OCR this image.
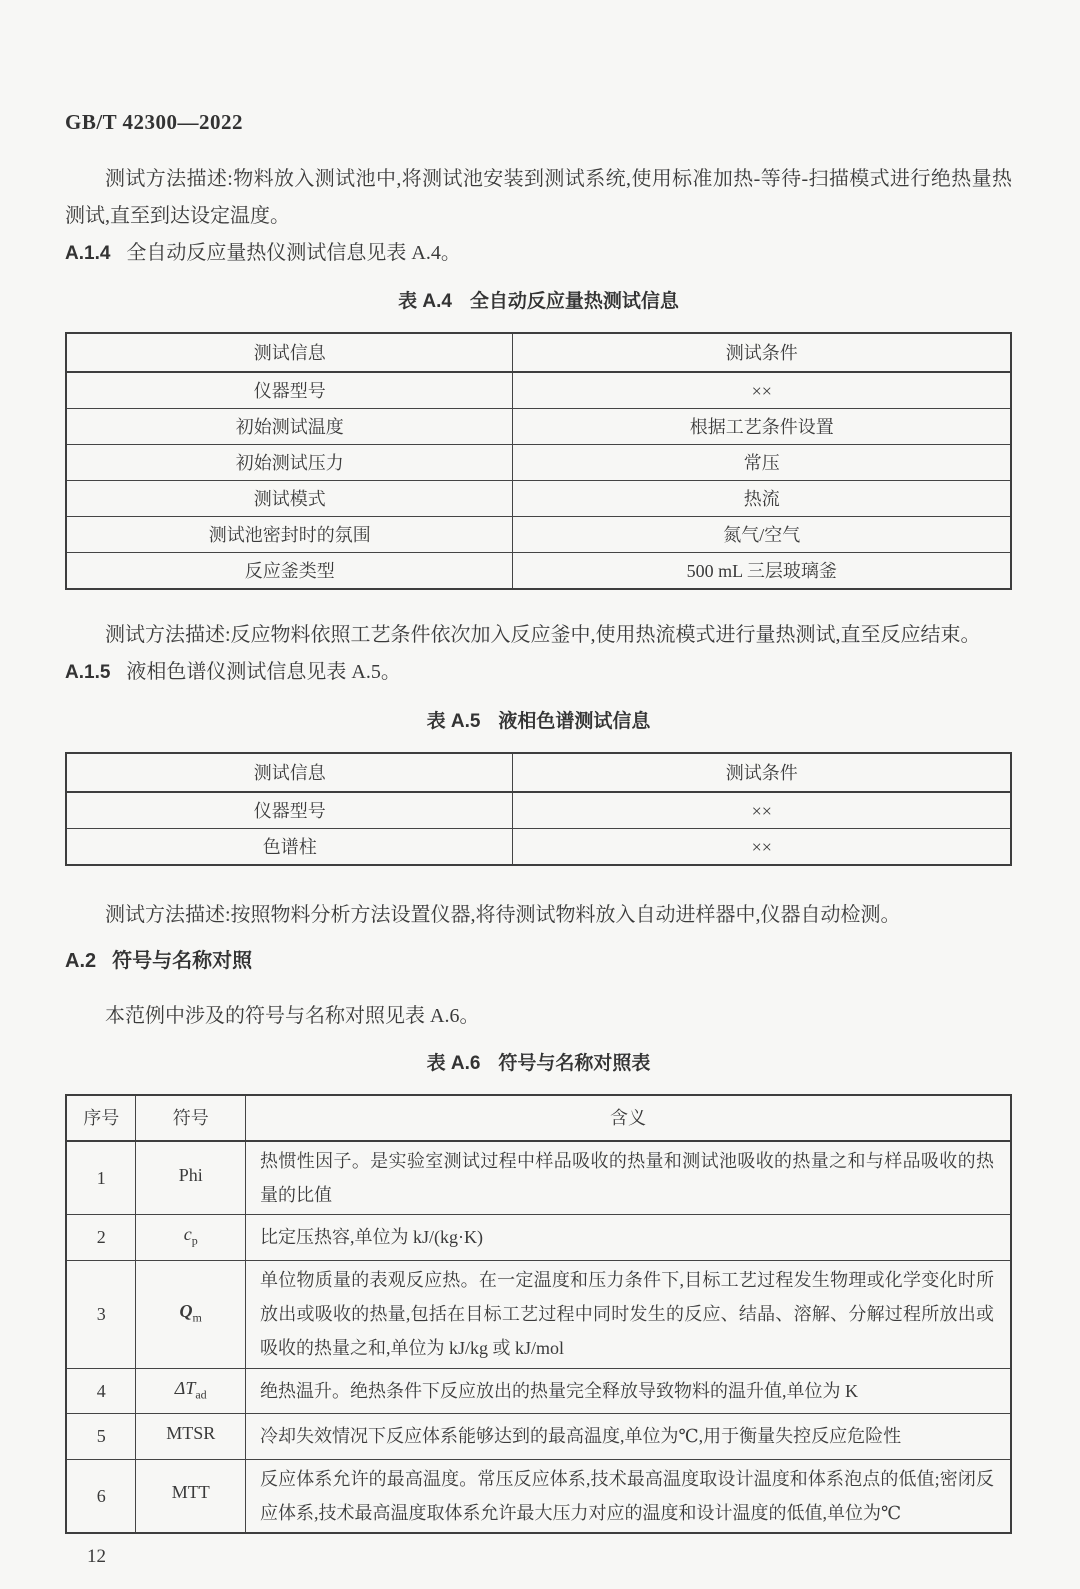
GB/T 42300—2022

测试方法描述:物料放入测试池中,将测试池安装到测试系统,使用标准加热-等待-扫描模式进行绝热量热测试,直至到达设定温度。

A.1.4 全自动反应量热仪测试信息见表 A.4。

表 A.4 全自动反应量热测试信息

测试信息	测试条件
仪器型号	××
初始测试温度	根据工艺条件设置
初始测试压力	常压
测试模式	热流
测试池密封时的氛围	氮气/空气
反应釜类型	500 mL 三层玻璃釜

测试方法描述:反应物料依照工艺条件依次加入反应釜中,使用热流模式进行量热测试,直至反应结束。

A.1.5 液相色谱仪测试信息见表 A.5。

表 A.5 液相色谱测试信息

测试信息	测试条件
仪器型号	××
色谱柱	××

测试方法描述:按照物料分析方法设置仪器,将待测试物料放入自动进样器中,仪器自动检测。

A.2 符号与名称对照

本范例中涉及的符号与名称对照见表 A.6。

表 A.6 符号与名称对照表

序号	符号	含义
1	Phi	热惯性因子。是实验室测试过程中样品吸收的热量和测试池吸收的热量之和与样品吸收的热量的比值
2	$c_p$	比定压热容,单位为 kJ/(kg·K)
3	$Q_m$	单位物质量的表观反应热。在一定温度和压力条件下,目标工艺过程发生物理或化学变化时所放出或吸收的热量,包括在目标工艺过程中同时发生的反应、结晶、溶解、分解过程所放出或吸收的热量之和,单位为 kJ/kg 或 kJ/mol
4	$\Delta T_{ad}$	绝热温升。绝热条件下反应放出的热量完全释放导致物料的温升值,单位为 K
5	MTSR	冷却失效情况下反应体系能够达到的最高温度,单位为℃,用于衡量失控反应危险性
6	MTT	反应体系允许的最高温度。常压反应体系,技术最高温度取设计温度和体系泡点的低值;密闭反应体系,技术最高温度取体系允许最大压力对应的温度和设计温度的低值,单位为℃

12
